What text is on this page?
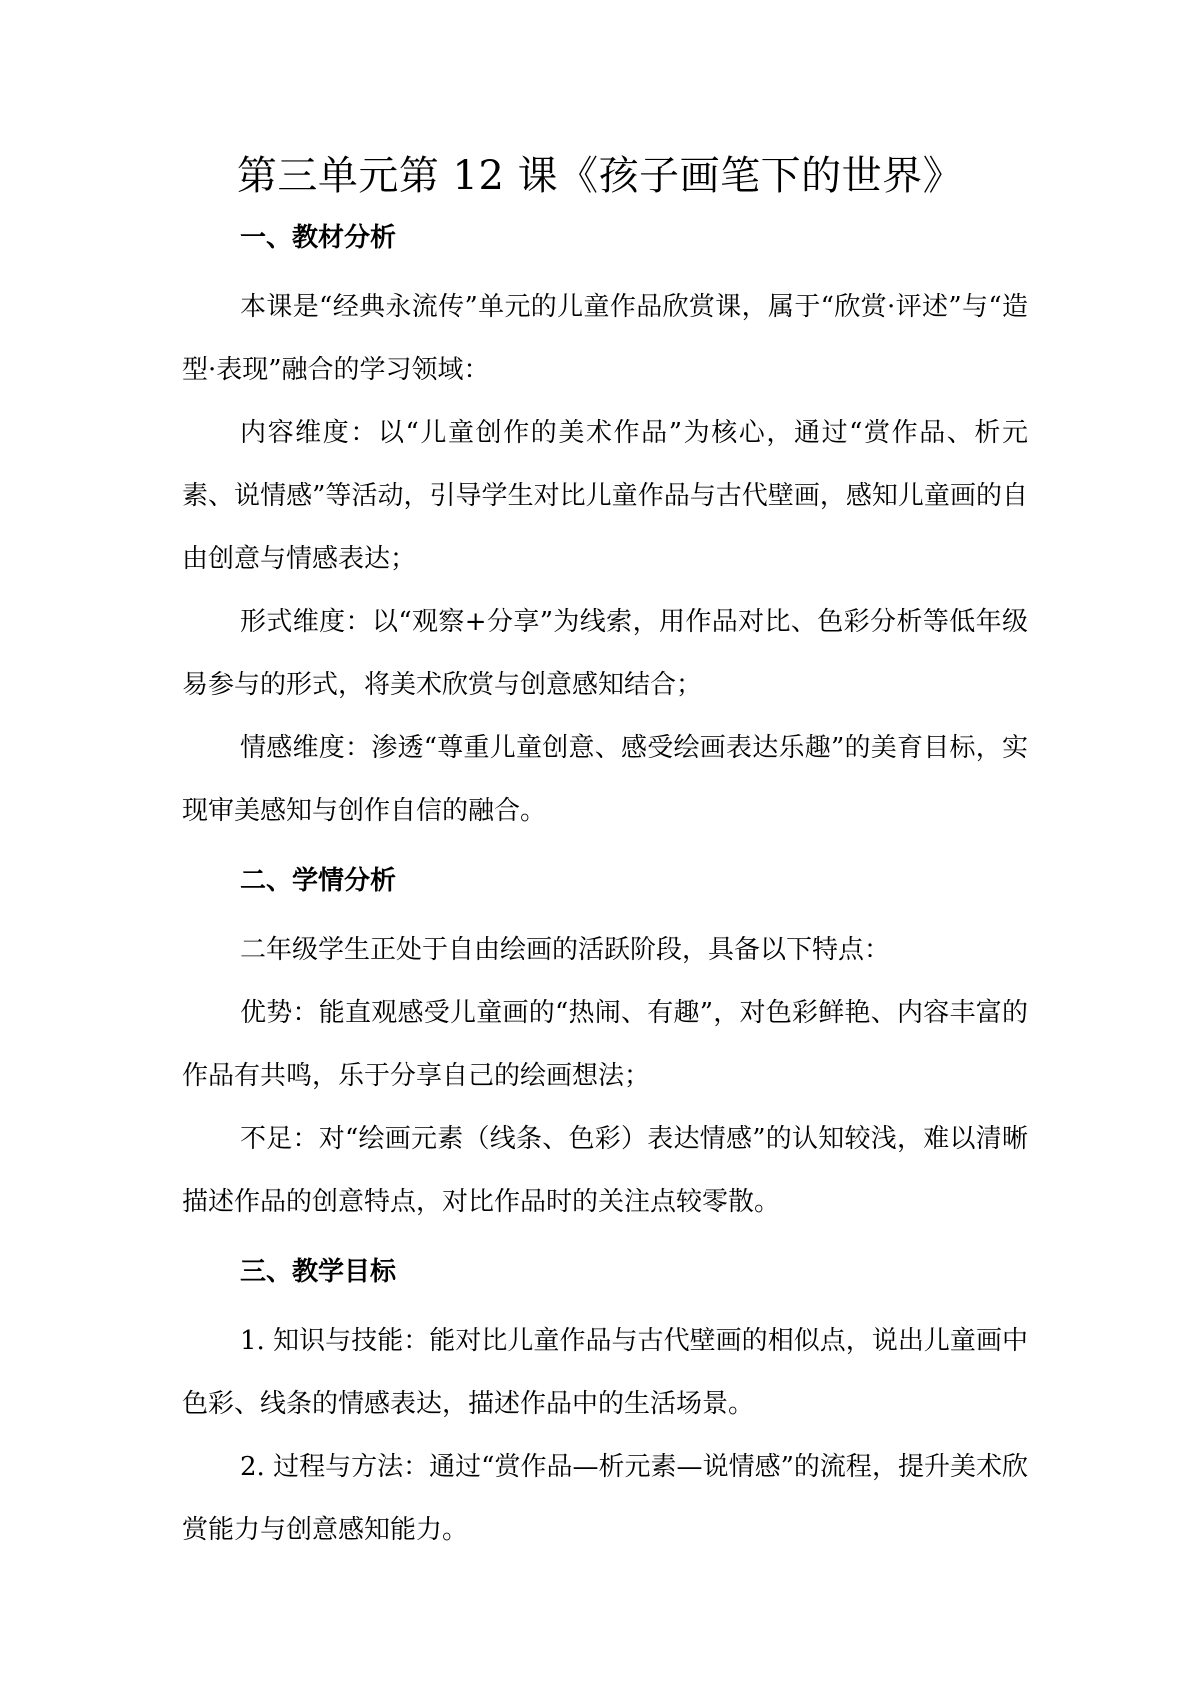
第三单元第 12 课《孩子画笔下的世界》
一、教材分析

本课是“经典永流传”单元的儿童作品欣赏课，属于“欣赏·评述”与“造型·表现”融合的学习领域：

内容维度：以“儿童创作的美术作品”为核心，通过“赏作品、析元素、说情感”等活动，引导学生对比儿童作品与古代壁画，感知儿童画的自由创意与情感表达；

形式维度：以“观察+分享”为线索，用作品对比、色彩分析等低年级易参与的形式，将美术欣赏与创意感知结合；

情感维度：渗透“尊重儿童创意、感受绘画表达乐趣”的美育目标，实现审美感知与创作自信的融合。

二、学情分析

二年级学生正处于自由绘画的活跃阶段，具备以下特点：

优势：能直观感受儿童画的“热闹、有趣”，对色彩鲜艳、内容丰富的作品有共鸣，乐于分享自己的绘画想法；

不足：对“绘画元素（线条、色彩）表达情感”的认知较浅，难以清晰描述作品的创意特点，对比作品时的关注点较零散。

三、教学目标

1. 知识与技能：能对比儿童作品与古代壁画的相似点，说出儿童画中色彩、线条的情感表达，描述作品中的生活场景。

2. 过程与方法：通过“赏作品—析元素—说情感”的流程，提升美术欣赏能力与创意感知能力。
